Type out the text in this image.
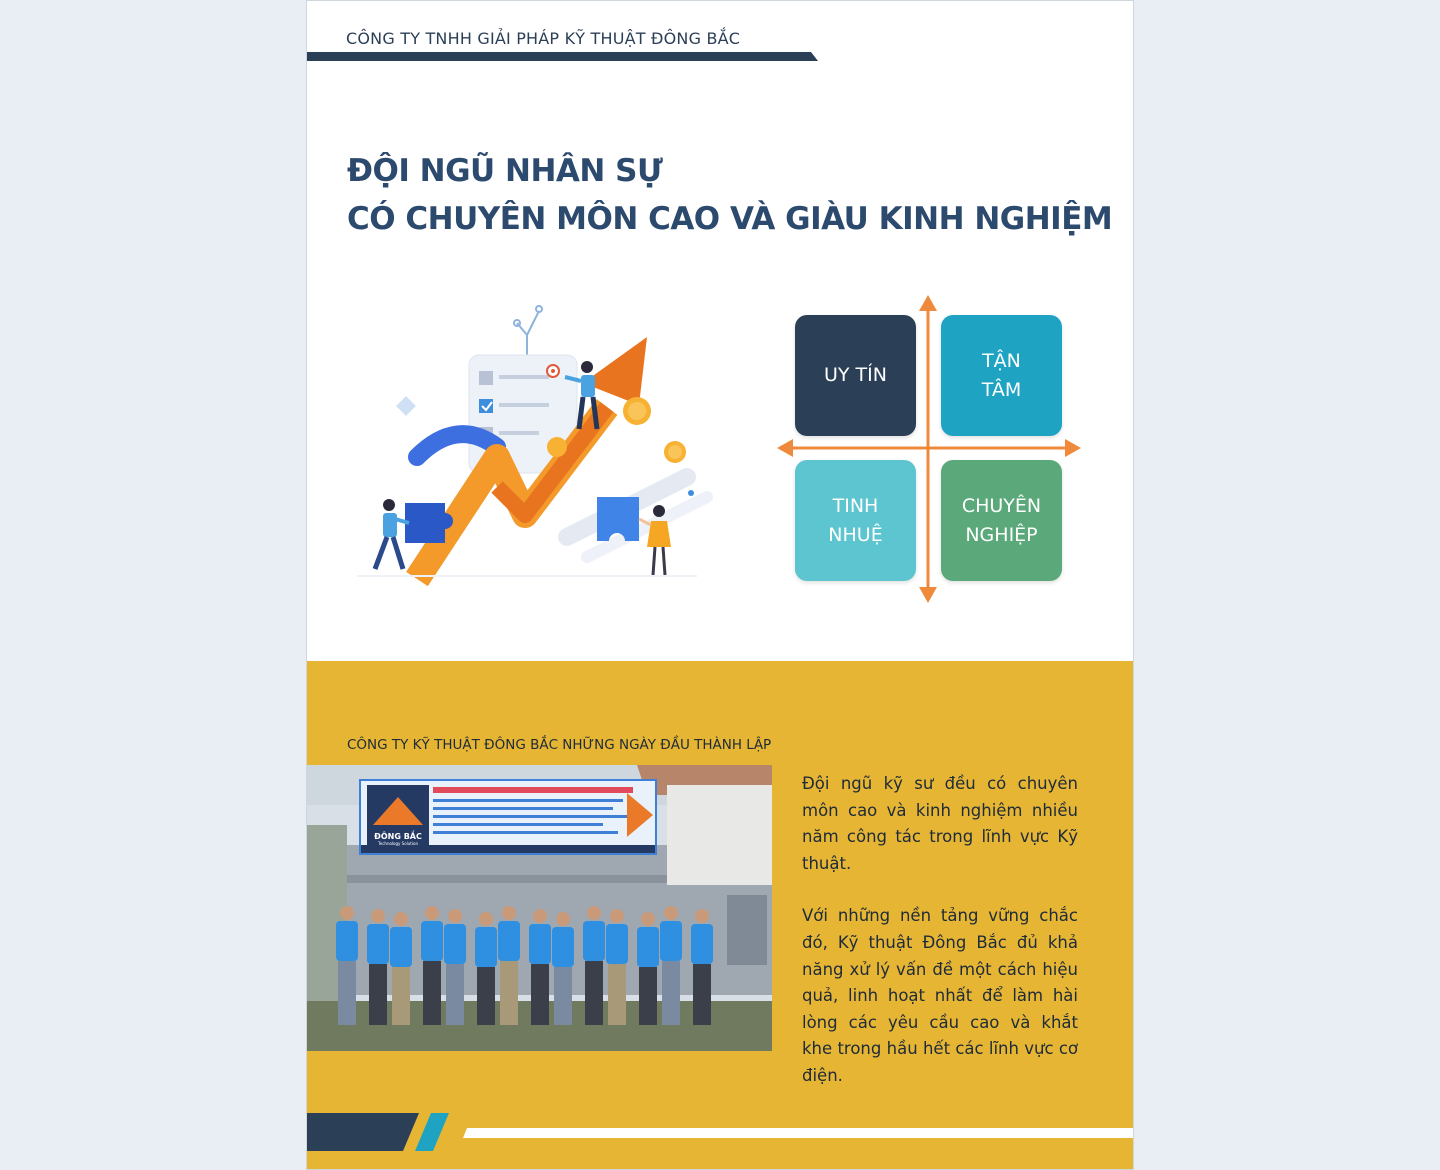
CÔNG TY TNHH GIẢI PHÁP KỸ THUẬT ĐÔNG BẮC
ĐỘI NGŨ NHÂN SỰ
CÓ CHUYÊN MÔN CAO VÀ GIÀU KINH NGHIỆM
UY TÍN
TẬN
TÂM
TINH
NHUỆ
CHUYÊN
NGHIỆP
CÔNG TY KỸ THUẬT ĐÔNG BẮC NHỮNG NGÀY ĐẦU THÀNH LẬP
ĐÔNG BẮC
Technology Solution

Đội ngũ kỹ sư đều có chuyên môn cao và kinh nghiệm nhiều năm công tác trong lĩnh vực Kỹ thuật.

Với những nền tảng vững chắc đó, Kỹ thuật Đông Bắc đủ khả năng xử lý vấn đề một cách hiệu quả, linh hoạt nhất để làm hài lòng các yêu cầu cao và khắt khe trong hầu hết các lĩnh vực cơ điện.
